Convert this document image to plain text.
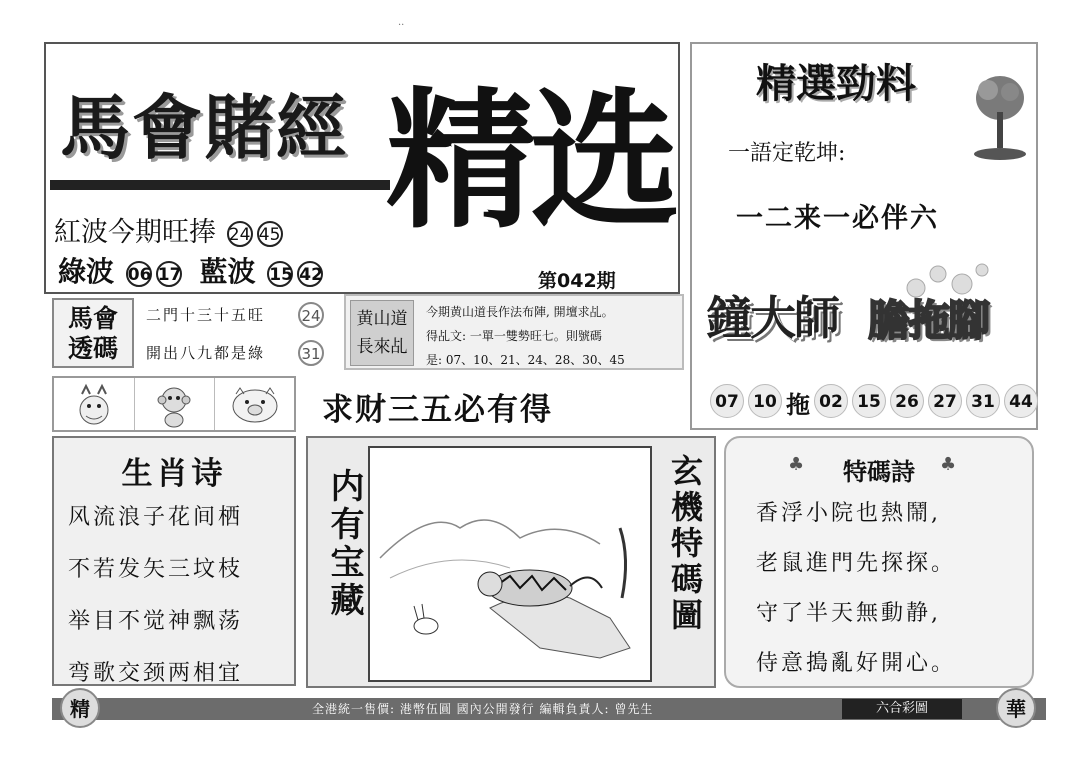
··
馬會賭經 精选
紅波今期旺捧 24 45
綠波 06 17 藍波 15 42	第042期
精選勁料
一語定乾坤:
一二来一必伴六
鐘大師 膽拖腳
07 10 拖 02 15 26 27 31 44
馬會
透碼
二門十三十五旺	24
開出八九都是綠	31
黄山道
長來乩
今期黄山道長作法布陣, 開壇求乩。
得乩文: 一單一雙勢旺七。則號碼
是: 07、10、21、24、28、30、45
求财三五必有得
生肖诗
风流浪子花间栖
不若发矢三坟枝
举目不觉神飘荡
弯歌交颈两相宜
内有宝藏	玄機特碼圖	♣	特碼詩	♣
香浮小院也熱鬧,
老鼠進門先探探。
守了半天無動静,
侍意搗亂好開心。
精	全港統一售價: 港幣伍圓 國內公開發行 編輯負責人: 曾先生	六合彩圖	華
